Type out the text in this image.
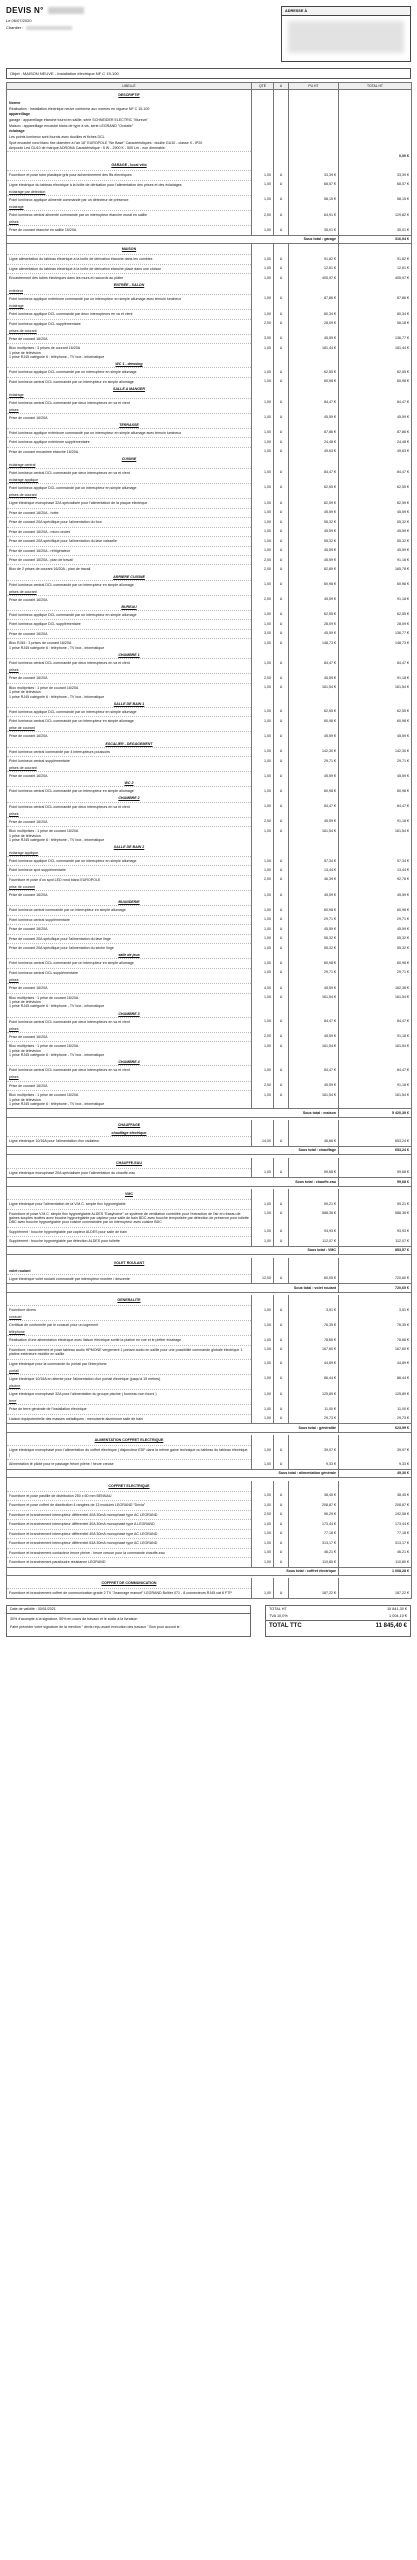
DEVIS N°
Le 06/07/2020
Chantier :
ADRESSE À
Objet : MAISON NEUVE - Installation électrique NF C 15-100
LIBELLÉ	QTÉ	U	PU HT	TOTAL HT
DESCRIPTIF				
Norme				
Réalisation : Installation électrique neuve conforme aux normes en vigueur NF C 15-100				
appareillage				
garage : appareillage étanche fourni en saillie, série SCHNEIDER ELECTRIC "Mureva"				
Maison : appareillage encastré blanc de type à vis, série LEGRAND "Oxxialle"				
éclairage				
Les points lumineux sont fournis avec douilles et fiches DCL				
Spot encastré rond blanc fixe diamètre à l'air 18" EUROPOLE "Ne Basé" Caractéristiques : douille GU10 - classe II - IP20				
Ampoule Led GU10 de marque ADRONA Caractéristique : 5 W - 2900 K - 500 Lm - non dimmable				
				0,00 €
GARAGE - local vélo				
Fourniture et pose tube plastique gris pour acheminement des fils électriques	1,00	U	33,39 €	33,39 €
Ligne électrique du tableau électrique à la boîte de dérivation pour l'alimentation des prises et des éclairages	1,00	U	68,57 €	68,57 €
éclairage par détection				
Point lumineux applique alimenté commandé par un détecteur de présence	1,00	U	58,15 €	58,15 €
éclairage				
Point lumineux central alimenté commandé par un interrupteur étanche mural en saillie	2,00	U	64,91 €	129,82 €
prises				
Prise de courant étanche en saillie 16/20A	1,00	U	35,01 €	35,01 €
Sous total : garage				316,94 €
MAISON				
Ligne alimentation du tableau électrique à la boîte de dérivation étanche dans les combles	1,00	U	91,82 €	91,82 €
Ligne alimentation du tableau électrique à la boîte de dérivation étanche placé dans une cloison	1,00	U	12,61 €	12,61 €
Encastrement des tubes électriques dans les murs et raccords au plâtre	1,00	U	405,97 €	405,97 €
ENTRÉE - SALON				
extérieur				
Point lumineux applique extérieure commandé par un interrupteur en simple allumage avec témoin lumineux	1,00	U	87,86 €	87,86 €
éclairage				
Point lumineux applique DCL commandé par deux interrupteurs en va et vient	1,00	U	80,34 €	80,34 €
Point lumineux applique DCL supplémentaire	2,00	U	28,09 €	56,18 €
prises de courant				
Prise de courant 16/20A	3,00	U	45,59 €	136,77 €
Bloc multiprises : 3 prises de courant 16/20A
1 prise de télévision
1 prise RJ45 catégorie 6 : téléphone - TV box - informatique	1,00	U	181,44 €	181,44 €
WC 1 - dressing				
Point lumineux applique DCL commandé par un interrupteur en simple allumage	1,00	U	62,55 €	62,55 €
Point lumineux central DCL commandé par un interrupteur en simple allumage	1,00	U	60,98 €	60,98 €
SALLE A MANGER				
éclairage				
Point lumineux central DCL commandé par deux interrupteurs en va et vient	1,00	U	84,47 €	84,47 €
prises				
Prise de courant 16/20A	1,00	U	45,59 €	45,59 €
TERRASSE				
Point lumineux applique extérieure commandé par un interrupteur en simple allumage avec témoin lumineux	1,00	U	87,86 €	87,86 €
Point lumineux applique extérieure supplémentaire	1,00	U	24,48 €	24,48 €
Prise de courant encastrée étanche 16/20A	1,00	U	49,63 €	49,63 €
CUISINE				
éclairage central				
Point lumineux central DCL commandé par deux interrupteurs en va et vient	1,00	U	84,47 €	84,47 €
éclairage applique				
Point lumineux applique DCL commandé par un interrupteur en simple allumage	1,00	U	62,55 €	62,55 €
prises de courant				
Ligne électrique monophasé 32A spécialisée pour l'alimentation de la plaque électrique	1,00	U	82,59 €	82,59 €
Prise de courant 16/20A - hotte	1,00	U	45,59 €	45,59 €
Prise de courant 20A spécifique pour l'alimentation du four	1,00	U	55,32 €	55,32 €
Prise de courant 16/20A - micro ondes	1,00	U	45,59 €	45,59 €
Prise de courant 20A spécifique pour l'alimentation du lave vaisselle	1,00	U	55,32 €	55,32 €
Prise de courant 16/20A - réfrigérateur	1,00	U	45,59 €	45,59 €
Prise de courant 16/20A - plan de travail	2,00	U	45,59 €	91,18 €
Bloc de 2 prises de courant 16/20A - plan de travail	2,00	U	82,89 €	165,78 €
ARRIERE CUISINE				
Point lumineux central DCL commandé par un interrupteur en simple allumage	1,00	U	60,98 €	60,98 €
prises de courant				
Prise de courant 16/20A	2,00	U	45,59 €	91,18 €
BUREAU				
Point lumineux applique DCL commandé par un interrupteur en simple allumage	1,00	U	62,55 €	62,55 €
Point lumineux applique DCL supplémentaire	1,00	U	28,09 €	28,09 €
Prise de courant 16/20A	3,00	U	45,59 €	136,77 €
Bloc RJ45 : 3 prises de courant 16/20A
1 prise RJ45 catégorie 6 : téléphone - TV box - informatique	1,00	U	148,73 €	148,73 €
CHAMBRE 1				
Point lumineux central DCL commandé par deux interrupteurs en va et vient	1,00	U	84,47 €	84,47 €
prises				
Prise de courant 16/20A	2,00	U	45,59 €	91,18 €
Bloc multiprises : 1 prise de courant 16/20A
1 prise de télévision
1 prise RJ45 catégorie 6 : téléphone - TV box - informatique	1,00	U	161,54 €	161,54 €
SALLE DE BAIN 1				
Point lumineux applique DCL commandé par un interrupteur en simple allumage	1,00	U	62,55 €	62,55 €
Point lumineux central DCL commandé par un interrupteur en simple allumage	1,00	U	60,98 €	60,98 €
prise de courant				
Prise de courant 16/20A	1,00	U	45,59 €	45,59 €
ESCALIER - DEGAGEMENT				
Point lumineux central commandé par 4 interrupteurs poussoirs	1,00	U	142,30 €	142,30 €
Point lumineux central supplémentaire	1,00	U	29,71 €	29,71 €
prises de courant				
Prise de courant 16/20A	1,00	U	45,59 €	45,59 €
WC 2				
Point lumineux central DCL commandé par un interrupteur en simple allumage	1,00	U	60,98 €	60,98 €
CHAMBRE 2				
Point lumineux central DCL commandé par deux interrupteurs en va et vient	1,00	U	84,47 €	84,47 €
prises				
Prise de courant 16/20A	2,00	U	45,59 €	91,18 €
Bloc multiprises : 1 prise de courant 16/20A
1 prise de télévision
1 prise RJ45 catégorie 6 : téléphone - TV box - informatique	1,00	U	161,54 €	161,54 €
SALLE DE BAIN 2				
éclairage applique				
Point lumineux applique DCL commandé par un interrupteur en simple allumage	1,00	U	57,34 €	57,34 €
Point lumineux spot supplémentaire	1,00	U	13,44 €	13,44 €
Fourniture et pose d'un spot LED rond blanc EUROPOLE	2,00	U	46,39 €	92,78 €
prise de courant				
Prise de courant 16/20A	1,00	U	45,59 €	45,59 €
BUANDERIE				
Point lumineux central commandé par un interrupteur en simple allumage	1,00	U	60,98 €	60,98 €
Point lumineux central supplémentaire	1,00	U	29,71 €	29,71 €
Prise de courant 16/20A	1,00	U	45,59 €	45,59 €
Prise de courant 20A spécifique pour l'alimentation du lave linge	1,00	U	55,32 €	55,32 €
Prise de courant 20A spécifique pour l'alimentation du sèche linge	1,00	U	55,32 €	55,32 €
salle de jeux				
Point lumineux central DCL commandé par un interrupteur en simple allumage	1,00	U	60,98 €	60,98 €
Point lumineux central DCL supplémentaire	1,00	U	29,71 €	29,71 €
prises				
Prise de courant 16/20A	4,00	U	45,59 €	182,36 €
Bloc multiprises : 1 prise de courant 16/20A
1 prise de télévision
1 prise RJ45 catégorie 6 : téléphone - TV box - informatique	1,00	U	161,54 €	161,54 €
CHAMBRE 3				
Point lumineux central DCL commandé par deux interrupteurs en va et vient	1,00	U	84,47 €	84,47 €
prises				
Prise de courant 16/20A	2,00	U	45,59 €	91,18 €
Bloc multiprises : 1 prise de courant 16/20A
1 prise de télévision
1 prise RJ45 catégorie 6 : téléphone - TV box - informatique	1,00	U	161,54 €	161,54 €
CHAMBRE 4				
Point lumineux central DCL commandé par deux interrupteurs en va et vient	1,00	U	84,47 €	84,47 €
prises				
Prise de courant 16/20A	2,00	U	45,59 €	91,18 €
Bloc multiprises : 1 prise de courant 16/20A
1 prise de télévision
1 prise RJ45 catégorie 6 : téléphone - TV box - informatique	1,00	U	161,54 €	161,54 €
Sous total : maison				5 420,39 €

CHAUFFAGE				
chauffage électrique				
Ligne électrique 10/16A pour l'alimentation d'un radiateur	14,00	U	46,66 €	653,24 €
Sous total : chauffage				653,24 €

CHAUFFE-EAU				
Ligne électrique monophasé 20A spécialisée pour l'alimentation du chauffe-eau	1,00	U	59,68 €	59,68 €
Sous total : chauffe-eau				59,68 €

VMC				
Ligne électrique pour l'alimentation de la V.M.C. simple flux hygroréglable	1,00	U	59,21 €	59,21 €
Fourniture et pose V.M.C. simple flux hygroréglable ALDES "Easyhome" ce système de ventilation contrôlée pour l'extraction de l'air en réseau de gaines souples isolées avec bouche hygroréglable par capteur pour salle de bain BDC avec bouche temporisée par détection de présence pour toilette DBC avec bouche hygroréglable pour cuisine commandée par un interrupteur avec cuisine BDC	1,00	U	588,36 €	588,36 €
Supplément : bouche hygroréglable par capteur ALDES pour salle de bain	1,00	U	93,93 €	93,93 €
Supplément : bouche hygroréglable par détection ALDES pour toilette	1,00	U	112,07 €	112,07 €
Sous total : VMC				853,57 €

VOLET ROULANT				
volet roulant				
Ligne électrique volet roulant commandé par interrupteur montée / descente	12,00	U	60,05 €	720,60 €
Sous total : volet roulant				720,60 €

GENERALITE				
Fourniture divers	1,00	U	3,51 €	3,51 €
consuel				
Certificat de conformité par le consuel pour un logement	1,00	U	76,35 €	76,35 €
téléphone				
Réalisation d'une alimentation électrique avec liaison électrique sortie la platine en vue et le piétter éclairage	1,00	U	78,66 €	78,66 €
Fourniture, raccordement et pose tableau audio HPMONE vergement 1 portant audio en saillie pour une possibilité commande globale électrique 1 platine extérieure modèle en saillie	1,00	U	167,60 €	167,60 €
Ligne électrique pour la commande du portail par l'interphone	1,00	U	44,89 €	44,89 €
portail				
Ligne électrique 10/16A en attente pour l'alimentation d'un portail électrique (jusqu'à 15 mètres)	1,00	U	86,44 €	86,44 €
piscine				
Ligne électrique monophasé 32A pour l'alimentation du groupe piscine ( fourreau non fourni )	1,00	U	125,89 €	125,89 €
terre				
Prise de terre générale de l'installation électrique	1,00	U	11,00 €	11,00 €
Liaison équipotentielle des masses métalliques : menuiserie aluminium salle de bain	1,00	U	29,73 €	29,73 €
Sous total : généralité				623,99 €

ALIMENTATION COFFRET ELECTRIQUE				
Ligne électrique monophasé pour l'alimentation du coffret électrique ( disjoncteur EDF dans la même gaine technique ou tableau du tableau électrique )	1,00	U	39,97 €	39,97 €
Alimentation tê piloté pour le passage fréom pilene / heure creuse	1,00	U	9,33 €	9,33 €
Sous total : alimentation générale				49,30 €

COFFRET ELECTRIQUE				
Fourniture et pose pastille de distribution 250 x 60 mm BENNAU	1,00	U	38,45 €	38,45 €
Fourniture et pose coffret de distribution 4 rangées de 13 modules LEGRAND "Drivia"	1,00	U	208,87 €	208,87 €
Fourniture et branchement interrupteur différentiel 40A 30mA monophasé type AC LEGRAND	2,00	U	96,29 €	192,58 €
Fourniture et branchement interrupteur différentiel 40A 30mA monophasé type A LEGRAND	1,00	U	173,44 €	173,44 €
Fourniture et branchement interrupteur différentiel 40A 30mA monophasé type AC LEGRAND	1,00	U	77,18 €	77,18 €
Fourniture et branchement interrupteur différentiel 63A 30mA monophasé type AC LEGRAND	1,00	U	313,17 €	313,17 €
Fourniture et branchement contacteur heure pleine - heure creuse pour la commande chauffe-eau	1,00	U	46,21 €	46,21 €
Fourniture et branchement parafoudre résistance LEGRAND	1,00	U	110,80 €	110,80 €
Sous total : coffret électrique				1 008,28 €

COFFRET DE COMMUNICATION				
Fourniture et branchement coffret de communication grade 2 TV "Jeannage manuel" LEGRAND Boîtier 071 - 8 connecteurs RJ45 cat 6 FTP	1,00	U	187,22 €	187,22 €
Date de validité : 30/01/2021

30% d'acompte à la signature, 50% en cours de travaux et le solde à la livraison

Faire précéder votre signature de la mention " devis reçu avant exécution des travaux " Bon pour accord le :

TOTAL HT	10 841,30 €
TVA 10,0%	1 004,10 €
TOTAL TTC	11 845,40 €
